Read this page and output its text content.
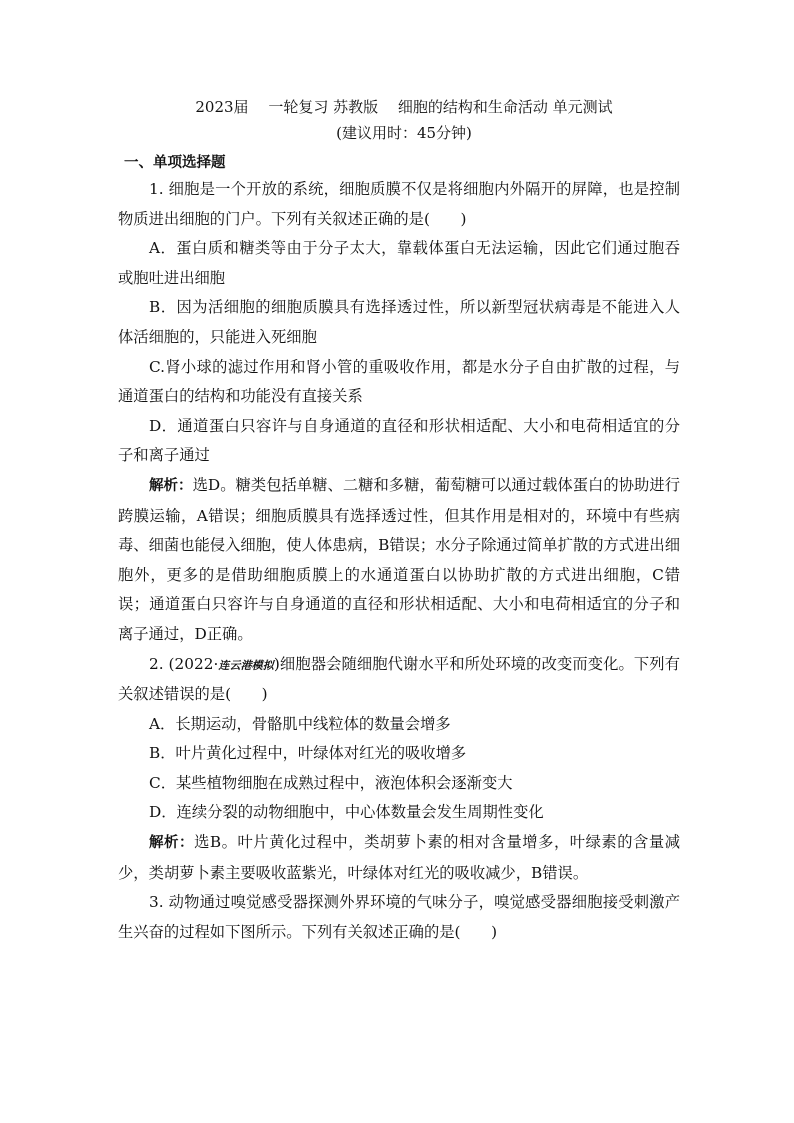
2023届　 一轮复习 苏教版　 细胞的结构和生命活动 单元测试
(建议用时：45分钟)
一、单项选择题

1. 细胞是一个开放的系统，细胞质膜不仅是将细胞内外隔开的屏障，也是控制物质进出细胞的门户。下列有关叙述正确的是(　　)

A．蛋白质和糖类等由于分子太大，靠载体蛋白无法运输，因此它们通过胞吞或胞吐进出细胞

B．因为活细胞的细胞质膜具有选择透过性，所以新型冠状病毒是不能进入人体活细胞的，只能进入死细胞

C.肾小球的滤过作用和肾小管的重吸收作用，都是水分子自由扩散的过程，与通道蛋白的结构和功能没有直接关系

D．通道蛋白只容许与自身通道的直径和形状相适配、大小和电荷相适宜的分子和离子通过

解析：选D。糖类包括单糖、二糖和多糖，葡萄糖可以通过载体蛋白的协助进行跨膜运输，A错误；细胞质膜具有选择透过性，但其作用是相对的，环境中有些病毒、细菌也能侵入细胞，使人体患病，B错误；水分子除通过简单扩散的方式进出细胞外，更多的是借助细胞质膜上的水通道蛋白以协助扩散的方式进出细胞，C错误；通道蛋白只容许与自身通道的直径和形状相适配、大小和电荷相适宜的分子和离子通过，D正确。

2. (2022·连云港模拟)细胞器会随细胞代谢水平和所处环境的改变而变化。下列有关叙述错误的是(　　)

A．长期运动，骨骼肌中线粒体的数量会增多

B．叶片黄化过程中，叶绿体对红光的吸收增多

C．某些植物细胞在成熟过程中，液泡体积会逐渐变大

D．连续分裂的动物细胞中，中心体数量会发生周期性变化

解析：选B。叶片黄化过程中，类胡萝卜素的相对含量增多，叶绿素的含量减少，类胡萝卜素主要吸收蓝紫光，叶绿体对红光的吸收减少，B错误。

3. 动物通过嗅觉感受器探测外界环境的气味分子，嗅觉感受器细胞接受刺激产生兴奋的过程如下图所示。下列有关叙述正确的是(　　)
